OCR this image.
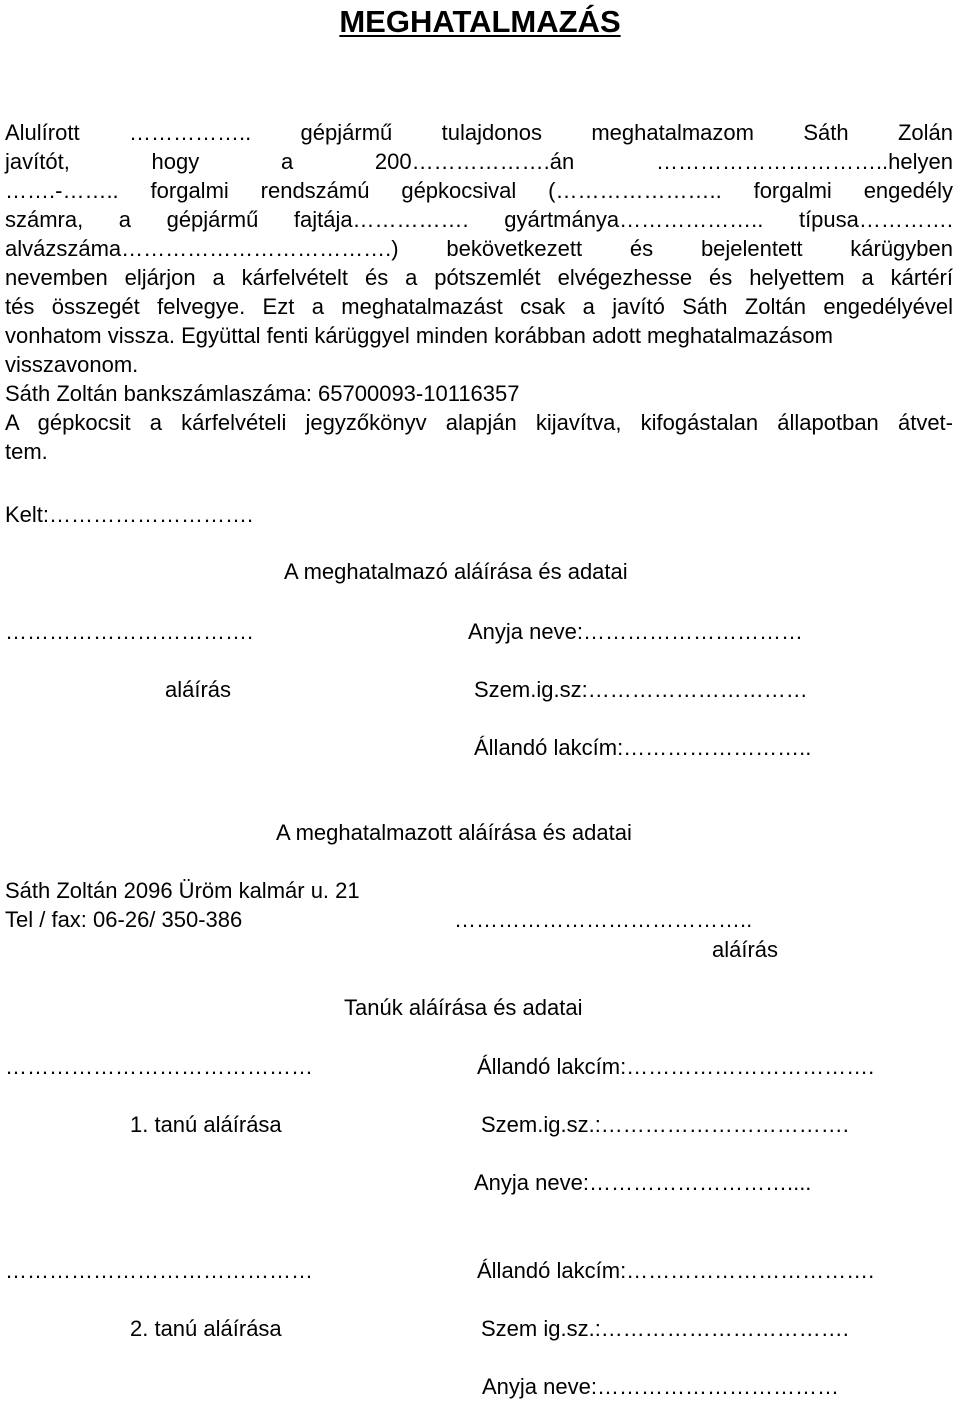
MEGHATALMAZÁS
Alulírott …………….. gépjármű tulajdonos meghatalmazom Sáth Zolán
javítót, hogy a 200……………….án …………………………..helyen
…….-…….. forgalmi rendszámú gépkocsival (………………….. forgalmi engedély
számra, a gépjármű fajtája……………. gyártmánya……………….. típusa………….
alvázszáma……………………………….) bekövetkezett és bejelentett kárügyben
nevemben eljárjon a kárfelvételt és a pótszemlét elvégezhesse és helyettem a kártérí
tés összegét felvegye. Ezt a meghatalmazást csak a javító Sáth Zoltán engedélyével
vonhatom vissza. Együttal fenti kárüggyel minden korábban adott meghatalmazásom
visszavonom.
Sáth Zoltán bankszámlaszáma: 65700093-10116357
A gépkocsit a kárfelvételi jegyzőkönyv alapján kijavítva, kifogástalan állapotban átvet-
tem.
Kelt:……………………….
A meghatalmazó aláírása és adatai
…………………………….	Anyja neve:…………………………
aláírás	Szem.ig.sz:…………………………
Állandó lakcím:……………………..
A meghatalmazott aláírása és adatai
Sáth Zoltán 2096 Üröm kalmár u. 21
Tel / fax: 06-26/ 350-386	…………………………………..
aláírás
Tanúk aláírása és adatai
……………………………………	Állandó lakcím:…………………………….
1. tanú aláírása	Szem.ig.sz.:…………………………….
Anyja neve:………………………....
……………………………………	Állandó lakcím:…………………………….
2. tanú aláírása	Szem ig.sz.:…………………………….
Anyja neve:……………………………
